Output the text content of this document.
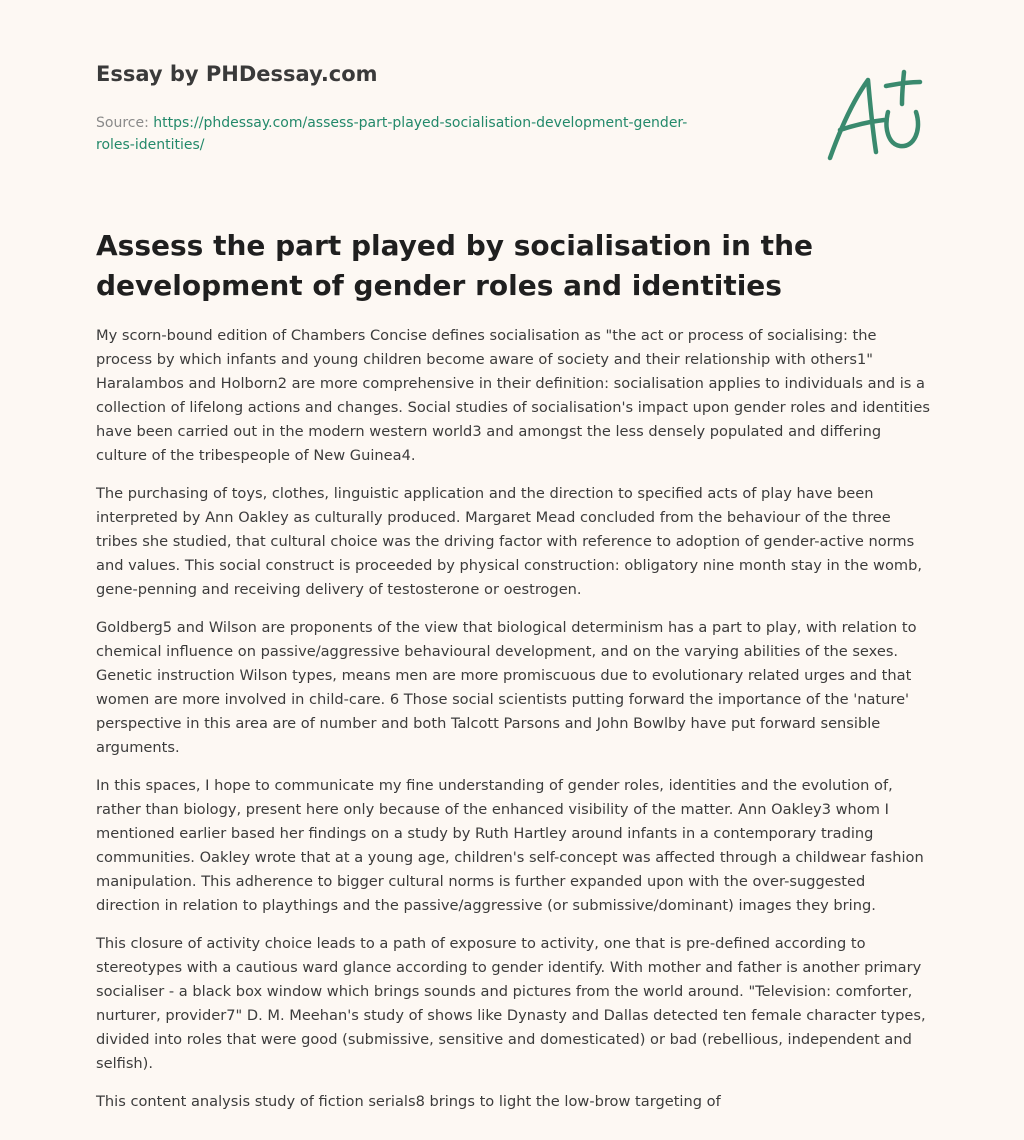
Essay by PHDessay.com
Source: https://phdessay.com/assess-part-played-socialisation-development-gender-
roles-identities/
Assess the part played by socialisation in the development of gender roles and identities

My scorn-bound edition of Chambers Concise defines socialisation as "the act or process of socialising: the process by which infants and young children become aware of society and their relationship with others1" Haralambos and Holborn2 are more comprehensive in their definition: socialisation applies to individuals and is a collection of lifelong actions and changes. Social studies of socialisation's impact upon gender roles and identities have been carried out in the modern western world3 and amongst the less densely populated and differing culture of the tribespeople of New Guinea4.

The purchasing of toys, clothes, linguistic application and the direction to specified acts of play have been interpreted by Ann Oakley as culturally produced. Margaret Mead concluded from the behaviour of the three tribes she studied, that cultural choice was the driving factor with reference to adoption of gender-active norms and values. This social construct is proceeded by physical construction: obligatory nine month stay in the womb, gene-penning and receiving delivery of testosterone or oestrogen.

Goldberg5 and Wilson are proponents of the view that biological determinism has a part to play, with relation to chemical influence on passive/aggressive behavioural development, and on the varying abilities of the sexes. Genetic instruction Wilson types, means men are more promiscuous due to evolutionary related urges and that women are more involved in child-care. 6 Those social scientists putting forward the importance of the 'nature' perspective in this area are of number and both Talcott Parsons and John Bowlby have put forward sensible arguments.

In this spaces, I hope to communicate my fine understanding of gender roles, identities and the evolution of, rather than biology, present here only because of the enhanced visibility of the matter. Ann Oakley3 whom I mentioned earlier based her findings on a study by Ruth Hartley around infants in a contemporary trading communities. Oakley wrote that at a young age, children's self-concept was affected through a childwear fashion manipulation. This adherence to bigger cultural norms is further expanded upon with the over-suggested direction in relation to playthings and the passive/aggressive (or submissive/dominant) images they bring.

This closure of activity choice leads to a path of exposure to activity, one that is pre-defined according to stereotypes with a cautious ward glance according to gender identify. With mother and father is another primary socialiser - a black box window which brings sounds and pictures from the world around. "Television: comforter, nurturer, provider7" D. M. Meehan's study of shows like Dynasty and Dallas detected ten female character types, divided into roles that were good (submissive, sensitive and domesticated) or bad (rebellious, independent and selfish).

This content analysis study of fiction serials8 brings to light the low-brow targeting of
